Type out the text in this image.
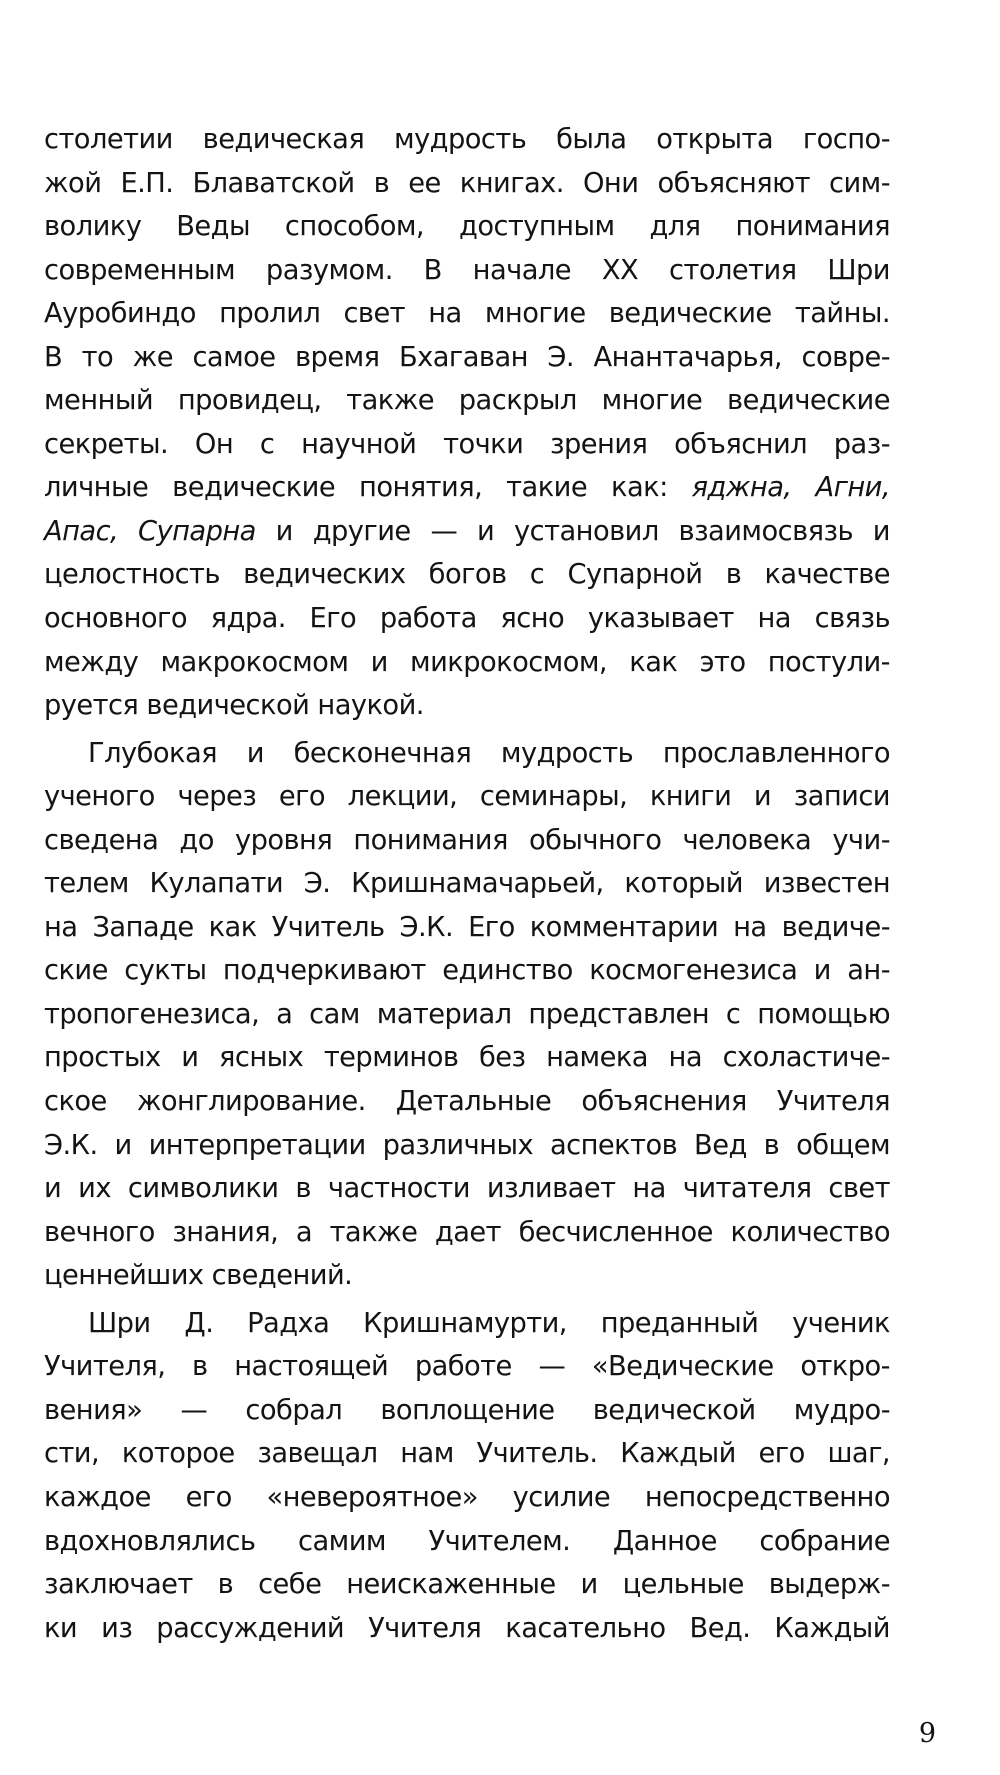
столетии ведическая мудрость была открыта госпо-
жой Е.П. Блаватской в ее книгах. Они объясняют сим-
волику Веды способом, доступным для понимания
современным разумом. В начале XX столетия Шри
Ауробиндо пролил свет на многие ведические тайны.
В то же самое время Бхагаван Э. Анантачарья, совре-
менный провидец, также раскрыл многие ведические
секреты. Он с научной точки зрения объяснил раз-
личные ведические понятия, такие как: яджна, Агни,
Апас, Супарна и другие — и установил взаимосвязь и
целостность ведических богов с Супарной в качестве
основного ядра. Его работа ясно указывает на связь
между макрокосмом и микрокосмом, как это постули-
руется ведической наукой.
Глубокая и бесконечная мудрость прославленного
ученого через его лекции, семинары, книги и записи
сведена до уровня понимания обычного человека учи-
телем Кулапати Э. Кришнамачарьей, который известен
на Западе как Учитель Э.К. Его комментарии на ведиче-
ские сукты подчеркивают единство космогенезиса и ан-
тропогенезиса, а сам материал представлен с помощью
простых и ясных терминов без намека на схоластиче-
ское жонглирование. Детальные объяснения Учителя
Э.К. и интерпретации различных аспектов Вед в общем
и их символики в частности изливает на читателя свет
вечного знания, а также дает бесчисленное количество
ценнейших сведений.
Шри Д. Радха Кришнамурти, преданный ученик
Учителя, в настоящей работе — «Ведические откро-
вения» — собрал воплощение ведической мудро-
сти, которое завещал нам Учитель. Каждый его шаг,
каждое его «невероятное» усилие непосредственно
вдохновлялись самим Учителем. Данное собрание
заключает в себе неискаженные и цельные выдерж-
ки из рассуждений Учителя касательно Вед. Каждый
9
